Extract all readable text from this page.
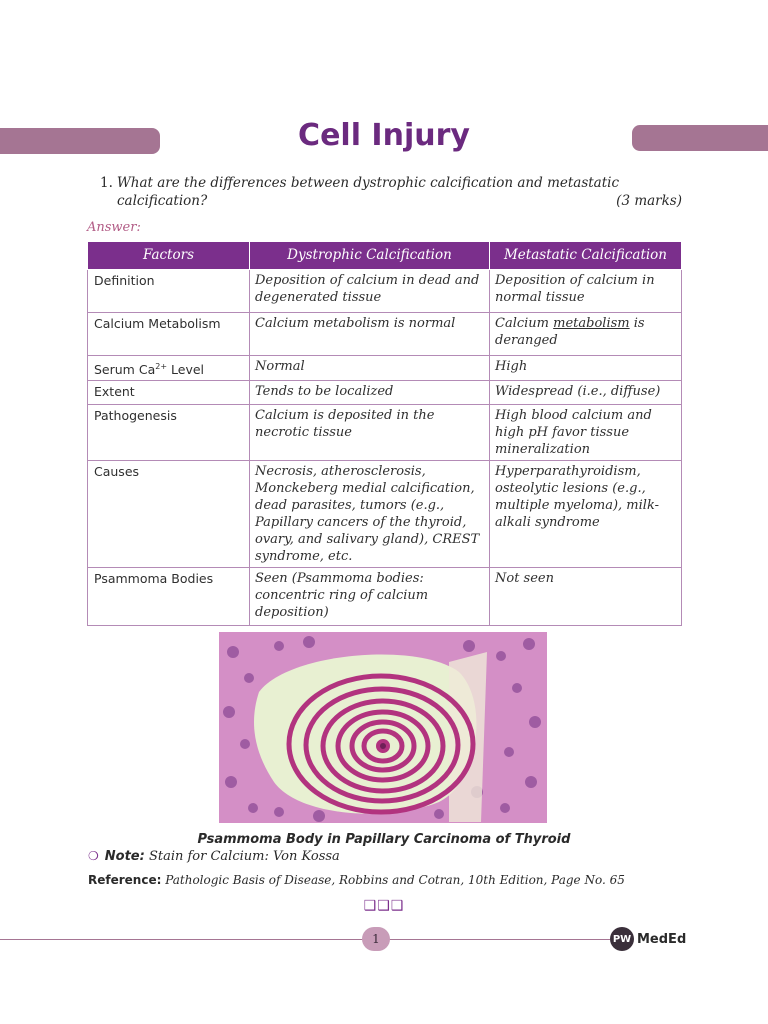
Cell Injury
1. What are the differences between dystrophic calcification and metastatic
calcification?	(3 marks)
Answer:
Factors	Dystrophic Calcification	Metastatic Calcification
Definition	Deposition of calcium in dead and degenerated tissue	Deposition of calcium in normal tissue
Calcium Metabolism	Calcium metabolism is normal	Calcium metabolism is deranged
Serum $Ca^{2+}$ Level	Normal	High
Extent	Tends to be localized	Widespread (i.e., diffuse)
Pathogenesis	Calcium is deposited in the necrotic tissue	High blood calcium and high pH favor tissue mineralization
Causes	Necrosis, atherosclerosis, Monckeberg medial calcification, dead parasites, tumors (e.g., Papillary cancers of the thyroid, ovary, and salivary gland), CREST syndrome, etc.	Hyperparathyroidism, osteolytic lesions (e.g., multiple myeloma), milk-alkali syndrome
Psammoma Bodies	Seen (Psammoma bodies: concentric ring of calcium deposition)	Not seen
Psammoma Body in Papillary Carcinoma of Thyroid
❍ Note: Stain for Calcium: Von Kossa
Reference: Pathologic Basis of Disease, Robbins and Cotran, 10th Edition, Page No. 65
❑❑❑
1	PW MedEd
